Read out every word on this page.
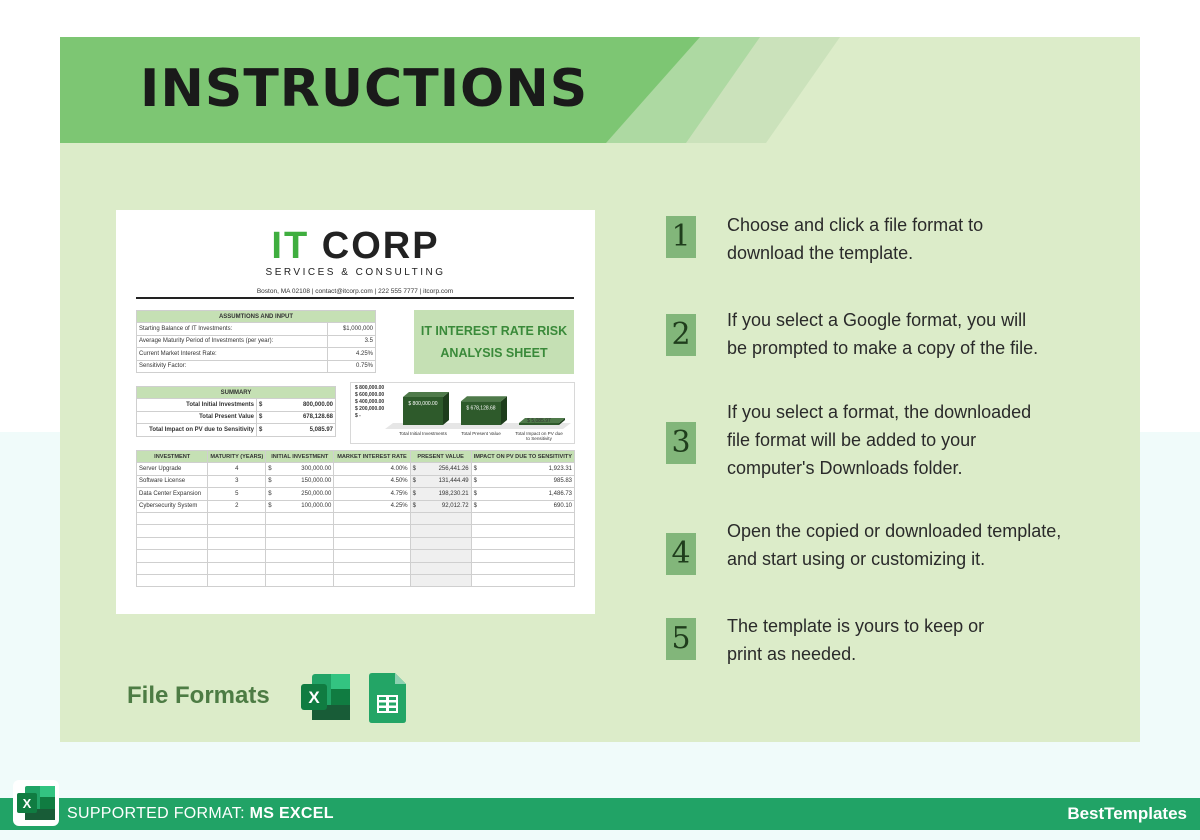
INSTRUCTIONS
IT CORP
SERVICES & CONSULTING
Boston, MA 02108 | contact@itcorp.com | 222 555 7777 | itcorp.com
ASSUMTIONS AND INPUT	
Starting Balance of IT Investments:	$1,000,000
Average Maturity Period of Investments (per year):	3.5
Current Market Interest Rate:	4.25%
Sensitivity Factor:	0.75%
IT INTEREST RATE RISK
ANALYSIS SHEET
SUMMARY		
Total Initial Investments	$	800,000.00
Total Present Value	$	678,128.68
Total Impact on PV due to Sensitivity	$	5,085.97
$ 800,000.00
$ 600,000.00
$ 400,000.00
$ 200,000.00
$ -
$ 800,000.00
Total Initial Investments
$ 678,128.68
Total Present Value
$ 5,085.97
Total Impact on PV due
to Sensitivity
INVESTMENT	MATURITY (YEARS)	INITIAL INVESTMENT	MARKET INTEREST RATE	PRESENT VALUE	IMPACT ON PV DUE TO SENSITIVITY
Server Upgrade	4	$ 300,000.00	4.00%	$ 256,441.26	$ 1,923.31

Software License	3	$ 150,000.00	4.50%	$ 131,444.49	$ 985.83

Data Center Expansion	5	$ 250,000.00	4.75%	$ 198,230.21	$ 1,486.73

Cybersecurity System	2	$ 100,000.00	4.25%	$ 92,012.72	$ 690.10

File Formats X
1	Choose and click a file format to
download the template.
2	If you select a Google format, you will
be prompted to make a copy of the file.
3
If you select a format, the downloaded
file format will be added to your
computer's Downloads folder.
4
Open the copied or downloaded template,
and start using or customizing it.
5	The template is yours to keep or
print as needed.
SUPPORTED FORMAT: MS EXCEL	BestTemplates
X
